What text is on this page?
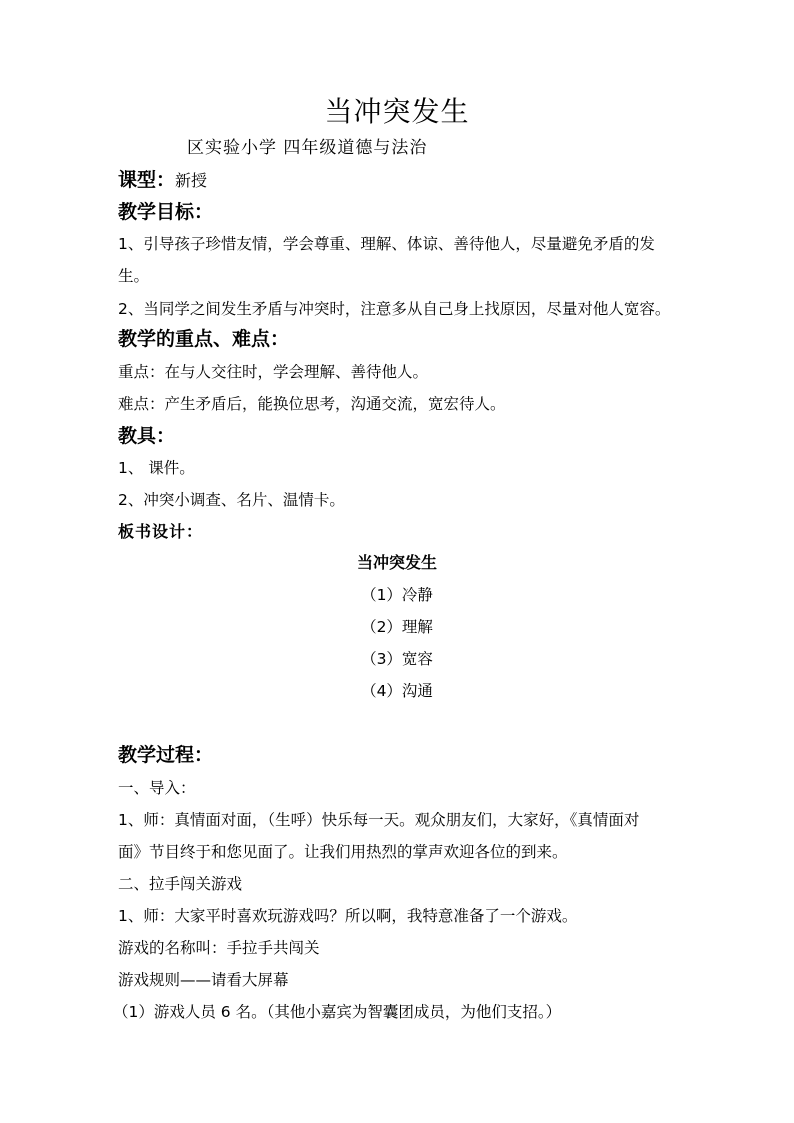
当冲突发生
区实验小学 四年级道德与法治
课型：新授
教学目标：
1、引导孩子珍惜友情，学会尊重、理解、体谅、善待他人，尽量避免矛盾的发
生。
2、当同学之间发生矛盾与冲突时，注意多从自己身上找原因，尽量对他人宽容。
教学的重点、难点：
重点：在与人交往时，学会理解、善待他人。
难点：产生矛盾后，能换位思考，沟通交流，宽宏待人。
教具：
1、 课件。
2、冲突小调查、名片、温情卡。
板书设计：
当冲突发生
（1）冷静
（2）理解
（3）宽容
（4）沟通
教学过程：
一、导入：
1、师：真情面对面，（生呼）快乐每一天。观众朋友们，大家好，《真情面对
面》节目终于和您见面了。让我们用热烈的掌声欢迎各位的到来。
二、拉手闯关游戏
1、师：大家平时喜欢玩游戏吗？所以啊，我特意准备了一个游戏。
游戏的名称叫：手拉手共闯关
游戏规则——请看大屏幕
（1）游戏人员 6 名。（其他小嘉宾为智囊团成员，为他们支招。）
